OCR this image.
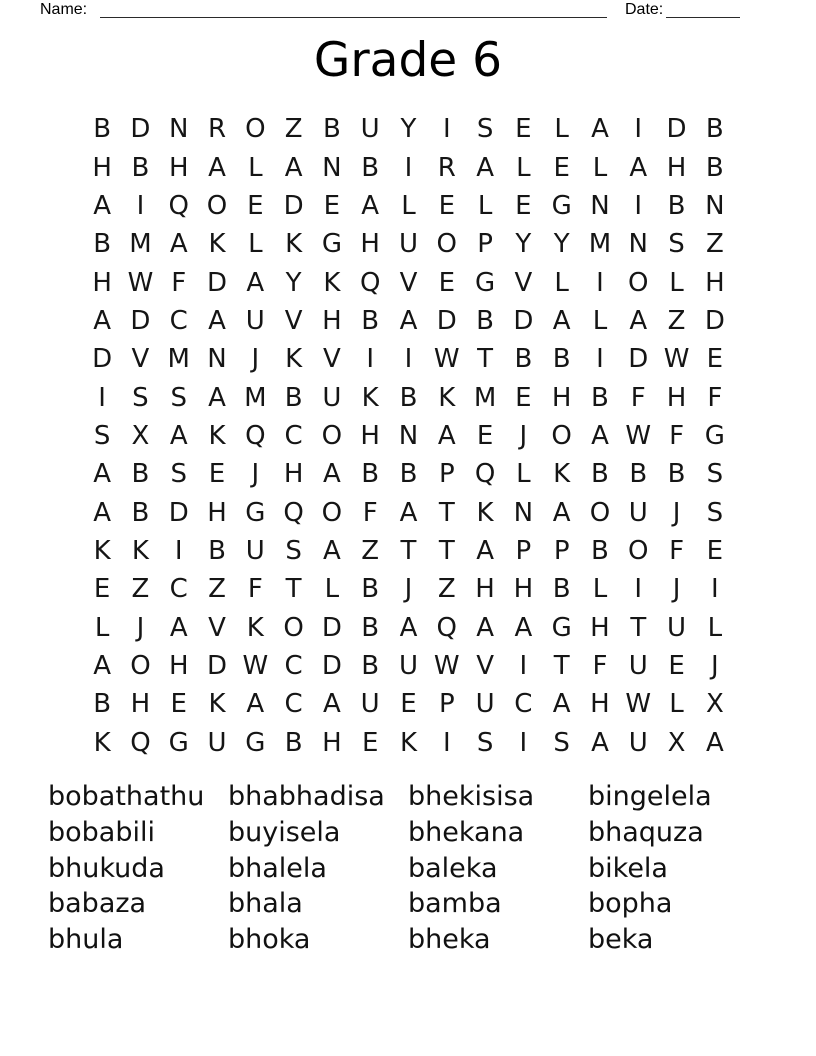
Name:	Date:
Grade 6
B D N R O Z B U Y	I	S E L A I D B
H B H A L A N B I R A L E L A H B
A I Q O E D E A L E L E G N I B N
B M A K L K G H U O P Y Y M N S Z
H W F D A Y K Q V E G V L	I O L H
A D C A U V H B A D B D A L A Z D
D V M N J K V I	I W T B B I D W E
I	S S A M B U K B K M E H B F H F
S X A K Q C O H N A E	J O A W F G
A B S E	J H A B B P Q L K B B B S
A B D H G Q O F A T K N A O U J	S
K K I B U S A Z T T A P P B O F E
E Z C Z F T L B J Z H H B L	I	J	I
L	J A V K O D B A Q A A G H T U L
A O H D W C D B U W V I	T F U E	J
B H E K A C A U E P U C A H W L X
K Q G U G B H E K I	S	I	S A U X A
bobathathu
bobabili
bhukuda
babaza
bhula
bhabhadisa
buyisela
bhalela
bhala
bhoka
bhekisisa
bhekana
baleka
bamba
bheka
bingelela
bhaquza
bikela
bopha
beka
